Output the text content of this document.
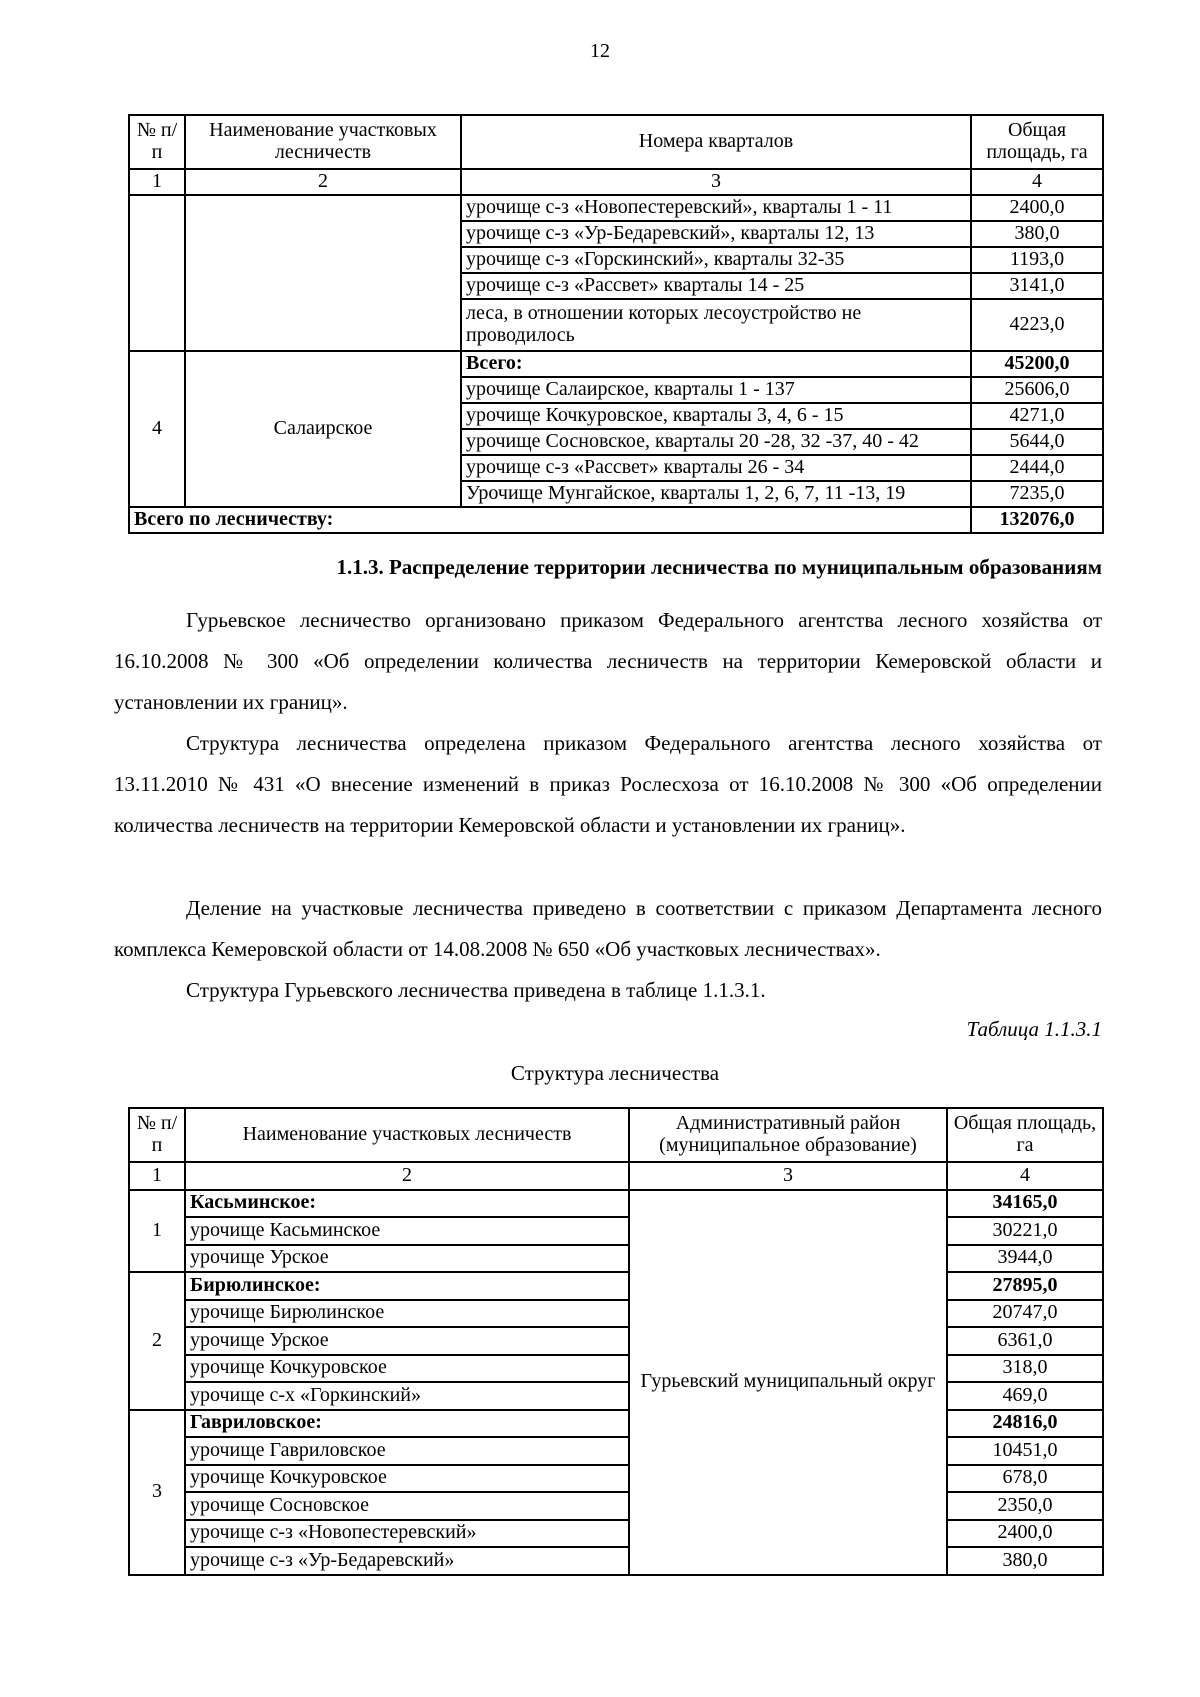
12
№ п/п	Наименование участковых лесничеств	Номера кварталов	Общая площадь, га
1	2	3	4
		урочище с-з «Новопестеревский», кварталы 1 - 11	2400,0
		урочище с-з «Ур-Бедаревский», кварталы 12, 13	380,0
		урочище с-з «Горскинский», кварталы 32-35	1193,0
		урочище с-з «Рассвет» кварталы 14 - 25	3141,0
		леса, в отношении которых лесоустройство не проводилось	4223,0
4	Салаирское	Всего:	45200,0
		урочище Салаирское, кварталы 1 - 137	25606,0
		урочище Кочкуровское, кварталы 3, 4, 6 - 15	4271,0
		урочище Сосновское, кварталы 20 -28, 32 -37, 40 - 42	5644,0
		урочище с-з «Рассвет» кварталы 26 - 34	2444,0
		Урочище Мунгайское, кварталы 1, 2, 6, 7, 11 -13, 19	7235,0
Всего по лесничеству:			132076,0
1.1.3. Распределение территории лесничества по муниципальным образованиям

Гурьевское лесничество организовано приказом Федерального агентства лесного хозяйства от 16.10.2008 № 300 «Об определении количества лесничеств на территории Кемеровской области и установлении их границ».

Структура лесничества определена приказом Федерального агентства лесного хозяйства от 13.11.2010 № 431 «О внесение изменений в приказ Рослесхоза от 16.10.2008 № 300 «Об определении количества лесничеств на территории Кемеровской области и установлении их границ».

Деление на участковые лесничества приведено в соответствии с приказом Департамента лесного комплекса Кемеровской области от 14.08.2008 № 650 «Об участковых лесничествах».

Структура Гурьевского лесничества приведена в таблице 1.1.3.1.

Таблица 1.1.3.1
Структура лесничества
№ п/п	Наименование участковых лесничеств	Административный район (муниципальное образование)	Общая площадь, га
1	2	3	4
1	Касьминское:	Гурьевский муниципальный округ	34165,0
	урочище Касьминское		30221,0
	урочище Урское		3944,0
2	Бирюлинское:		27895,0
	урочище Бирюлинское		20747,0
	урочище Урское		6361,0
	урочище Кочкуровское		318,0
	урочище с-х «Горкинский»		469,0
3	Гавриловское:		24816,0
	урочище Гавриловское		10451,0
	урочище Кочкуровское		678,0
	урочище Сосновское		2350,0
	урочище с-з «Новопестеревский»		2400,0
	урочище с-з «Ур-Бедаревский»		380,0
